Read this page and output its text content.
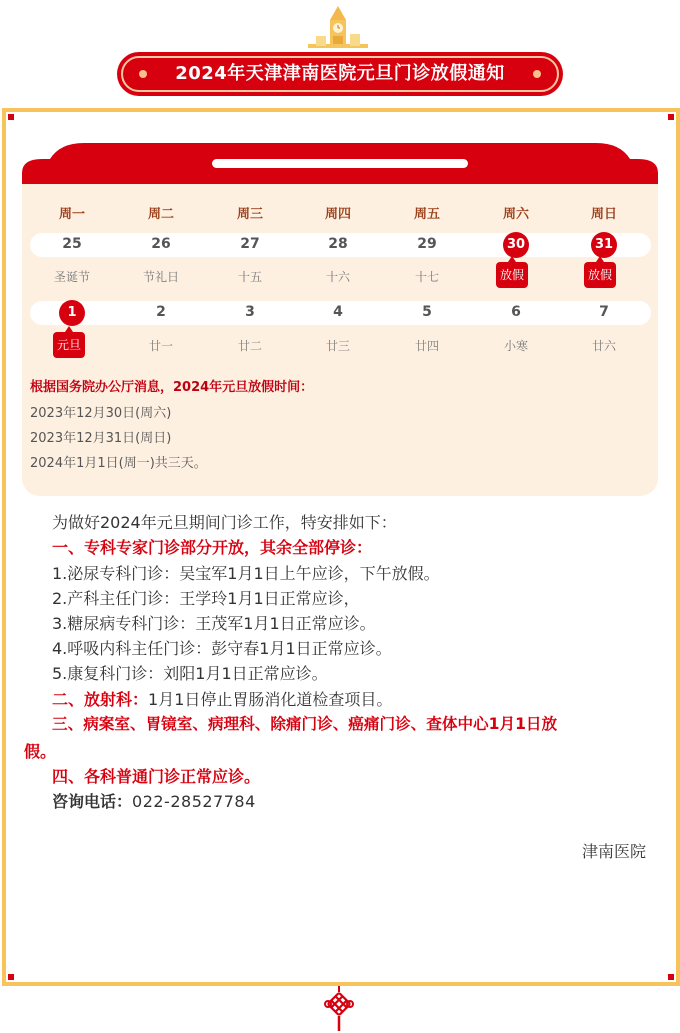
2024年天津津南医院元旦门诊放假通知
周一	周二	周三	周四	周五	周六	周日
25	26	27	28	29	30	31
圣诞节	节礼日	十五	十六	十七	放假	放假
1	2	3	4	5	6	7
元旦	廿一	廿二	廿三	廿四	小寒	廿六
根据国务院办公厅消息，2024年元旦放假时间：
2023年12月30日(周六)
2023年12月31日(周日)
2024年1月1日(周一)共三天。
为做好2024年元旦期间门诊工作，特安排如下：
一、专科专家门诊部分开放，其余全部停诊：
1.泌尿专科门诊：吴宝军1月1日上午应诊，下午放假。
2.产科主任门诊：王学玲1月1日正常应诊，
3.糖尿病专科门诊：王茂军1月1日正常应诊。
4.呼吸内科主任门诊：彭守春1月1日正常应诊。
5.康复科门诊：刘阳1月1日正常应诊。
二、放射科：1月1日停止胃肠消化道检查项目。
三、病案室、胃镜室、病理科、除痛门诊、癌痛门诊、查体中心1月1日放
假。
四、各科普通门诊正常应诊。
咨询电话：022-28527784
津南医院
